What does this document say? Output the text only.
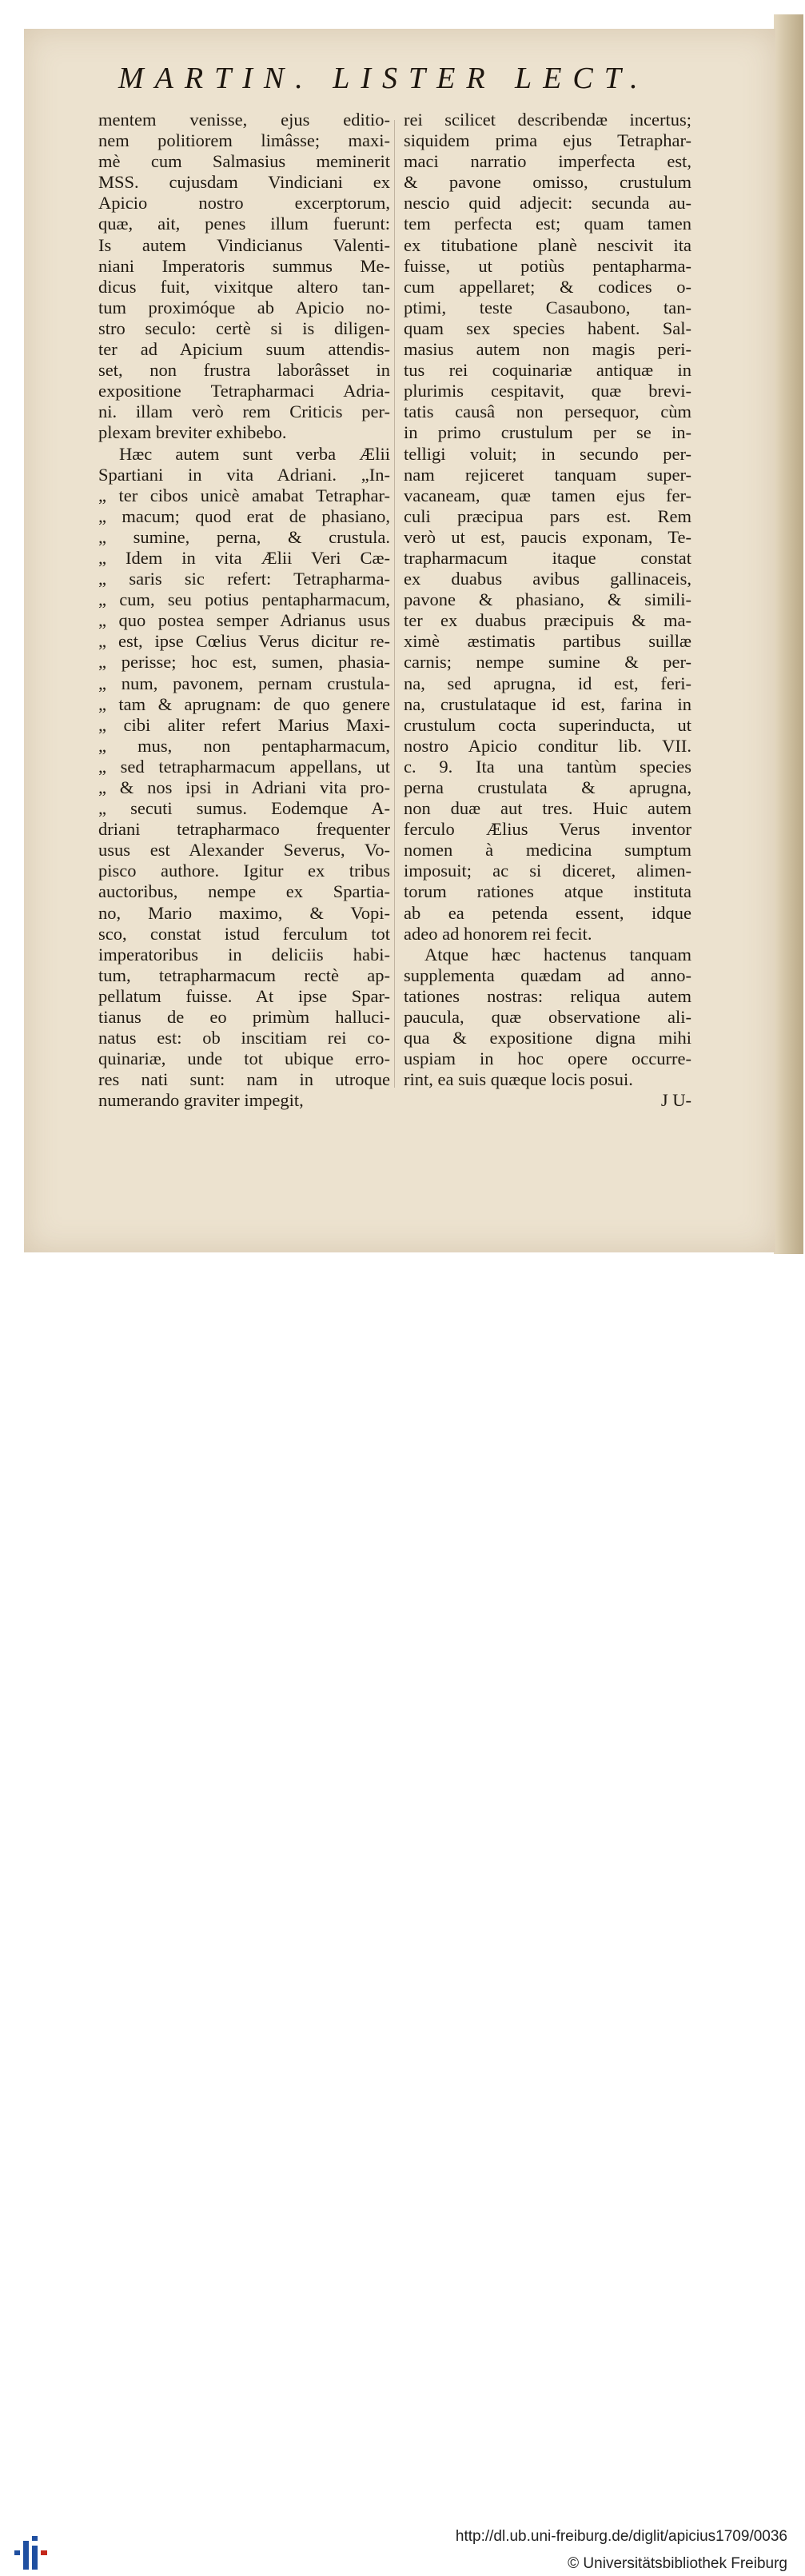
MARTIN. LISTER LECT.
mentem venisse, ejus editio-
nem politiorem limâsse; maxi-
mè cum Salmasius meminerit
MSS. cujusdam Vindiciani ex
Apicio nostro excerptorum,
quæ, ait, penes illum fuerunt:
Is autem Vindicianus Valenti-
niani Imperatoris summus Me-
dicus fuit, vixitque altero tan-
tum proximóque ab Apicio no-
stro seculo: certè si is diligen-
ter ad Apicium suum attendis-
set, non frustra laborâsset in
expositione Tetrapharmaci Adria-
ni. illam verò rem Criticis per-
plexam breviter exhibebo.
Hæc autem sunt verba Ælii
Spartiani in vita Adriani. „In-
„ ter cibos unicè amabat Tetraphar-
„ macum; quod erat de phasiano,
„ sumine, perna, & crustula.
„ Idem in vita Ælii Veri Cæ-
„ saris sic refert: Tetrapharma-
„ cum, seu potius pentapharmacum,
„ quo postea semper Adrianus usus
„ est, ipse Cœlius Verus dicitur re-
„ perisse; hoc est, sumen, phasia-
„ num, pavonem, pernam crustula-
„ tam & aprugnam: de quo genere
„ cibi aliter refert Marius Maxi-
„ mus, non pentapharmacum,
„ sed tetrapharmacum appellans, ut
„ & nos ipsi in Adriani vita pro-
„ secuti sumus. Eodemque A-
driani tetrapharmaco frequenter
usus est Alexander Severus, Vo-
pisco authore. Igitur ex tribus
auctoribus, nempe ex Spartia-
no, Mario maximo, & Vopi-
sco, constat istud ferculum tot
imperatoribus in deliciis habi-
tum, tetrapharmacum rectè ap-
pellatum fuisse. At ipse Spar-
tianus de eo primùm halluci-
natus est: ob inscitiam rei co-
quinariæ, unde tot ubique erro-
res nati sunt: nam in utroque
numerando graviter impegit,
rei scilicet describendæ incertus;
siquidem prima ejus Tetraphar-
maci narratio imperfecta est,
& pavone omisso, crustulum
nescio quid adjecit: secunda au-
tem perfecta est; quam tamen
ex titubatione planè nescivit ita
fuisse, ut potiùs pentapharma-
cum appellaret; & codices o-
ptimi, teste Casaubono, tan-
quam sex species habent. Sal-
masius autem non magis peri-
tus rei coquinariæ antiquæ in
plurimis cespitavit, quæ brevi-
tatis causâ non persequor, cùm
in primo crustulum per se in-
telligi voluit; in secundo per-
nam rejiceret tanquam super-
vacaneam, quæ tamen ejus fer-
culi præcipua pars est. Rem
verò ut est, paucis exponam, Te-
trapharmacum itaque constat
ex duabus avibus gallinaceis,
pavone & phasiano, & simili-
ter ex duabus præcipuis & ma-
ximè æstimatis partibus suillæ
carnis; nempe sumine & per-
na, sed aprugna, id est, feri-
na, crustulataque id est, farina in
crustulum cocta superinducta, ut
nostro Apicio conditur lib. VII.
c. 9. Ita una tantùm species
perna crustulata & aprugna,
non duæ aut tres. Huic autem
ferculo Ælius Verus inventor
nomen à medicina sumptum
imposuit; ac si diceret, alimen-
torum rationes atque instituta
ab ea petenda essent, idque
adeo ad honorem rei fecit.
Atque hæc hactenus tanquam
supplementa quædam ad anno-
tationes nostras: reliqua autem
paucula, quæ observatione ali-
qua & expositione digna mihi
uspiam in hoc opere occurre-
rint, ea suis quæque locis posui.
J U-
http://dl.ub.uni-freiburg.de/diglit/apicius1709/0036
© Universitätsbibliothek Freiburg
